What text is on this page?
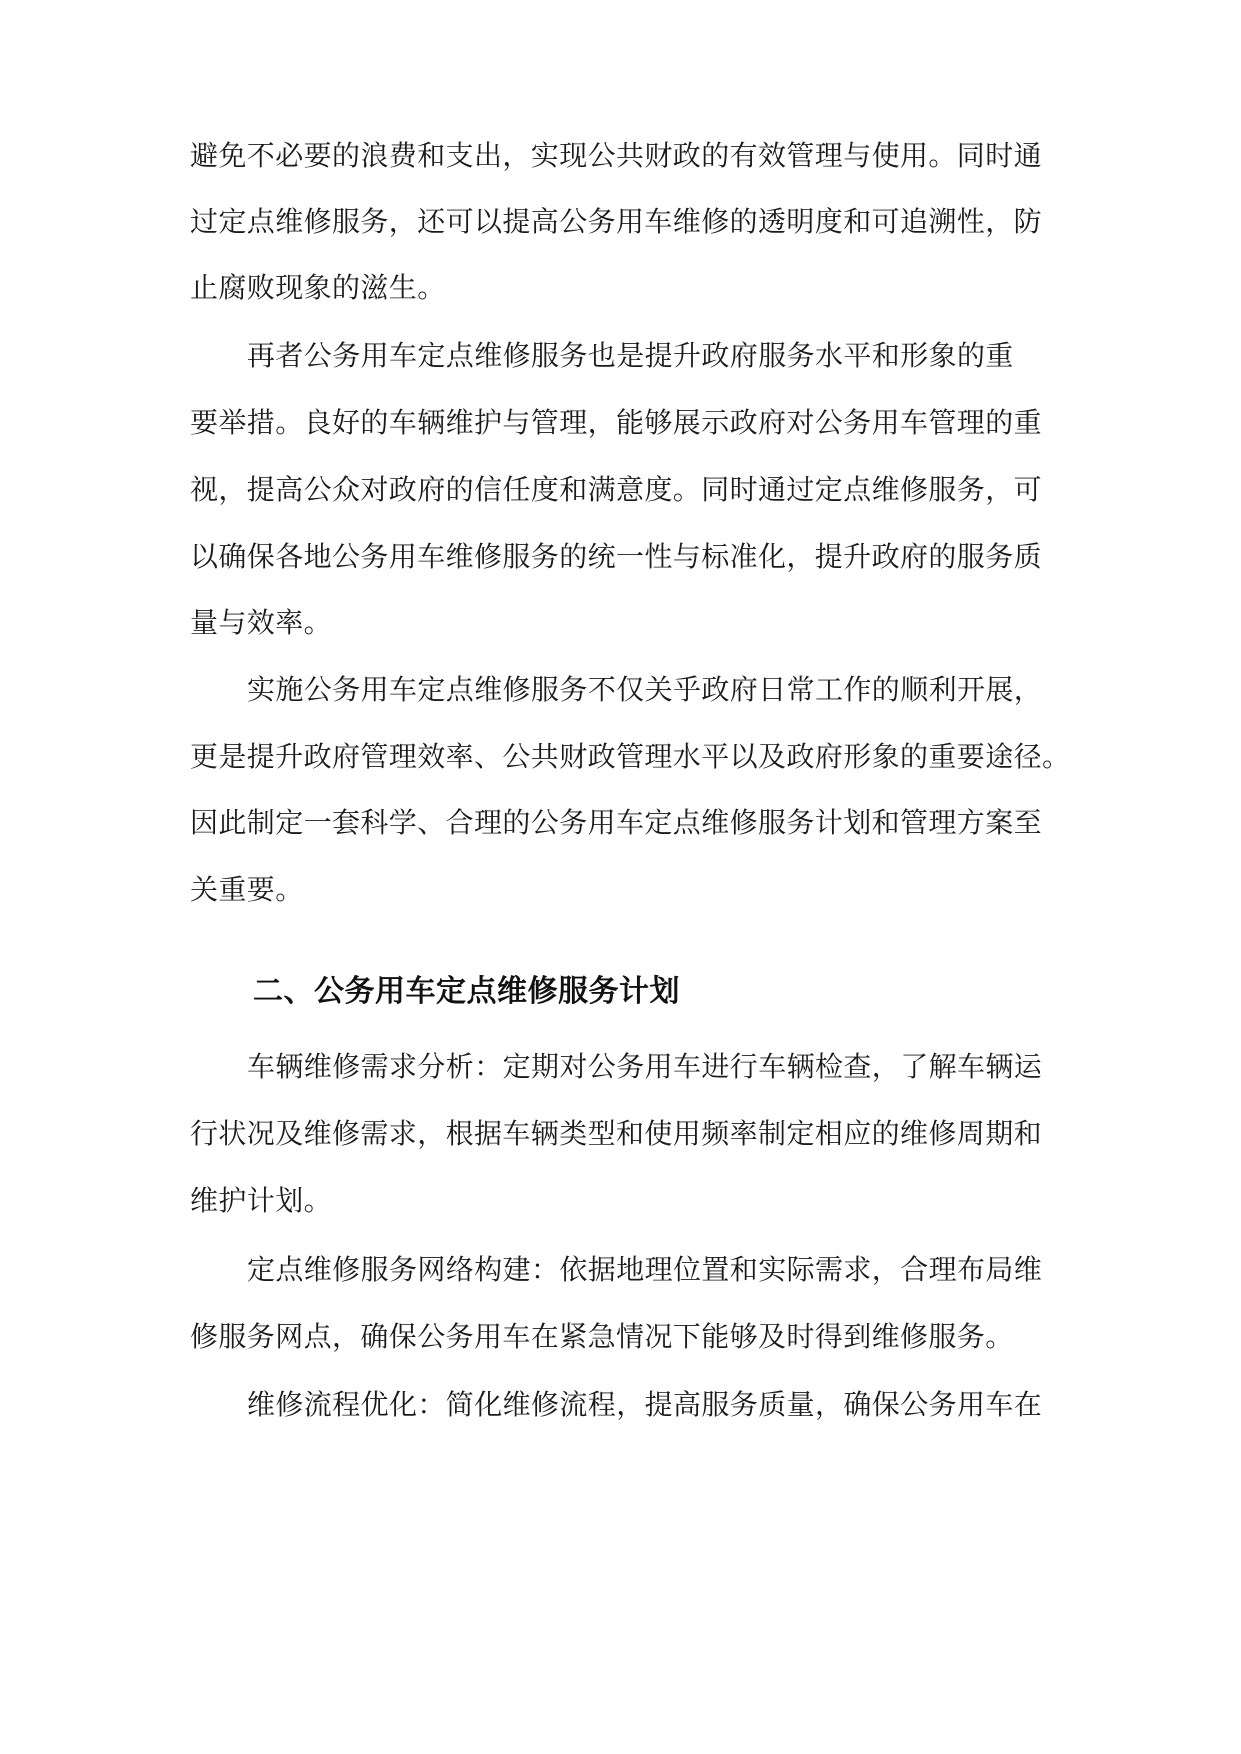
避免不必要的浪费和支出，实现公共财政的有效管理与使用。同时通
过定点维修服务，还可以提高公务用车维修的透明度和可追溯性，防
止腐败现象的滋生。
再者公务用车定点维修服务也是提升政府服务水平和形象的重
要举措。良好的车辆维护与管理，能够展示政府对公务用车管理的重
视，提高公众对政府的信任度和满意度。同时通过定点维修服务，可
以确保各地公务用车维修服务的统一性与标准化，提升政府的服务质
量与效率。
实施公务用车定点维修服务不仅关乎政府日常工作的顺利开展，
更是提升政府管理效率、公共财政管理水平以及政府形象的重要途径。
因此制定一套科学、合理的公务用车定点维修服务计划和管理方案至
关重要。
二、公务用车定点维修服务计划
车辆维修需求分析：定期对公务用车进行车辆检查，了解车辆运
行状况及维修需求，根据车辆类型和使用频率制定相应的维修周期和
维护计划。
定点维修服务网络构建：依据地理位置和实际需求，合理布局维
修服务网点，确保公务用车在紧急情况下能够及时得到维修服务。
维修流程优化：简化维修流程，提高服务质量，确保公务用车在
